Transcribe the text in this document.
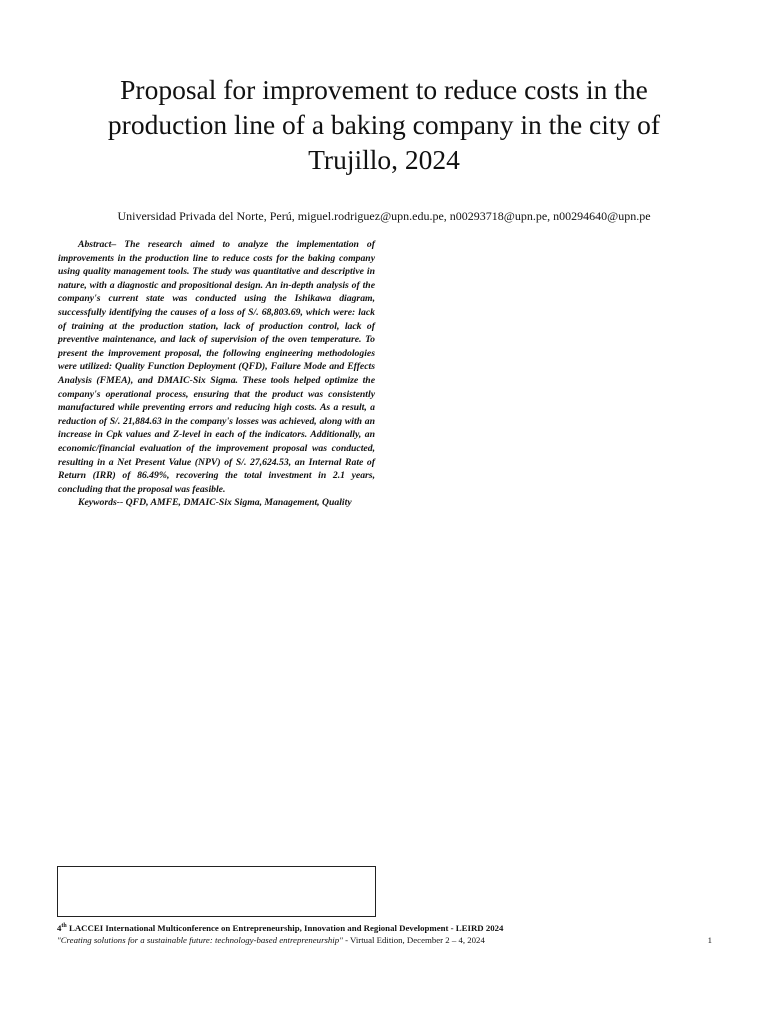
Proposal for improvement to reduce costs in the production line of a baking company in the city of Trujillo, 2024
Universidad Privada del Norte, Perú, miguel.rodriguez@upn.edu.pe, n00293718@upn.pe, n00294640@upn.pe

Abstract– The research aimed to analyze the implementation of improvements in the production line to reduce costs for the baking company using quality management tools. The study was quantitative and descriptive in nature, with a diagnostic and propositional design. An in-depth analysis of the company's current state was conducted using the Ishikawa diagram, successfully identifying the causes of a loss of S/. 68,803.69, which were: lack of training at the production station, lack of production control, lack of preventive maintenance, and lack of supervision of the oven temperature. To present the improvement proposal, the following engineering methodologies were utilized: Quality Function Deployment (QFD), Failure Mode and Effects Analysis (FMEA), and DMAIC-Six Sigma. These tools helped optimize the company's operational process, ensuring that the product was consistently manufactured while preventing errors and reducing high costs. As a result, a reduction of S/. 21,884.63 in the company's losses was achieved, along with an increase in Cpk values and Z-level in each of the indicators. Additionally, an economic/financial evaluation of the improvement proposal was conducted, resulting in a Net Present Value (NPV) of S/. 27,624.53, an Internal Rate of Return (IRR) of 86.49%, recovering the total investment in 2.1 years, concluding that the proposal was feasible.

Keywords-- QFD, AMFE, DMAIC-Six Sigma, Management, Quality

4th LACCEI International Multiconference on Entrepreneurship, Innovation and Regional Development - LEIRD 2024
"Creating solutions for a sustainable future: technology-based entrepreneurship" - Virtual Edition, December 2 – 4, 2024	1
